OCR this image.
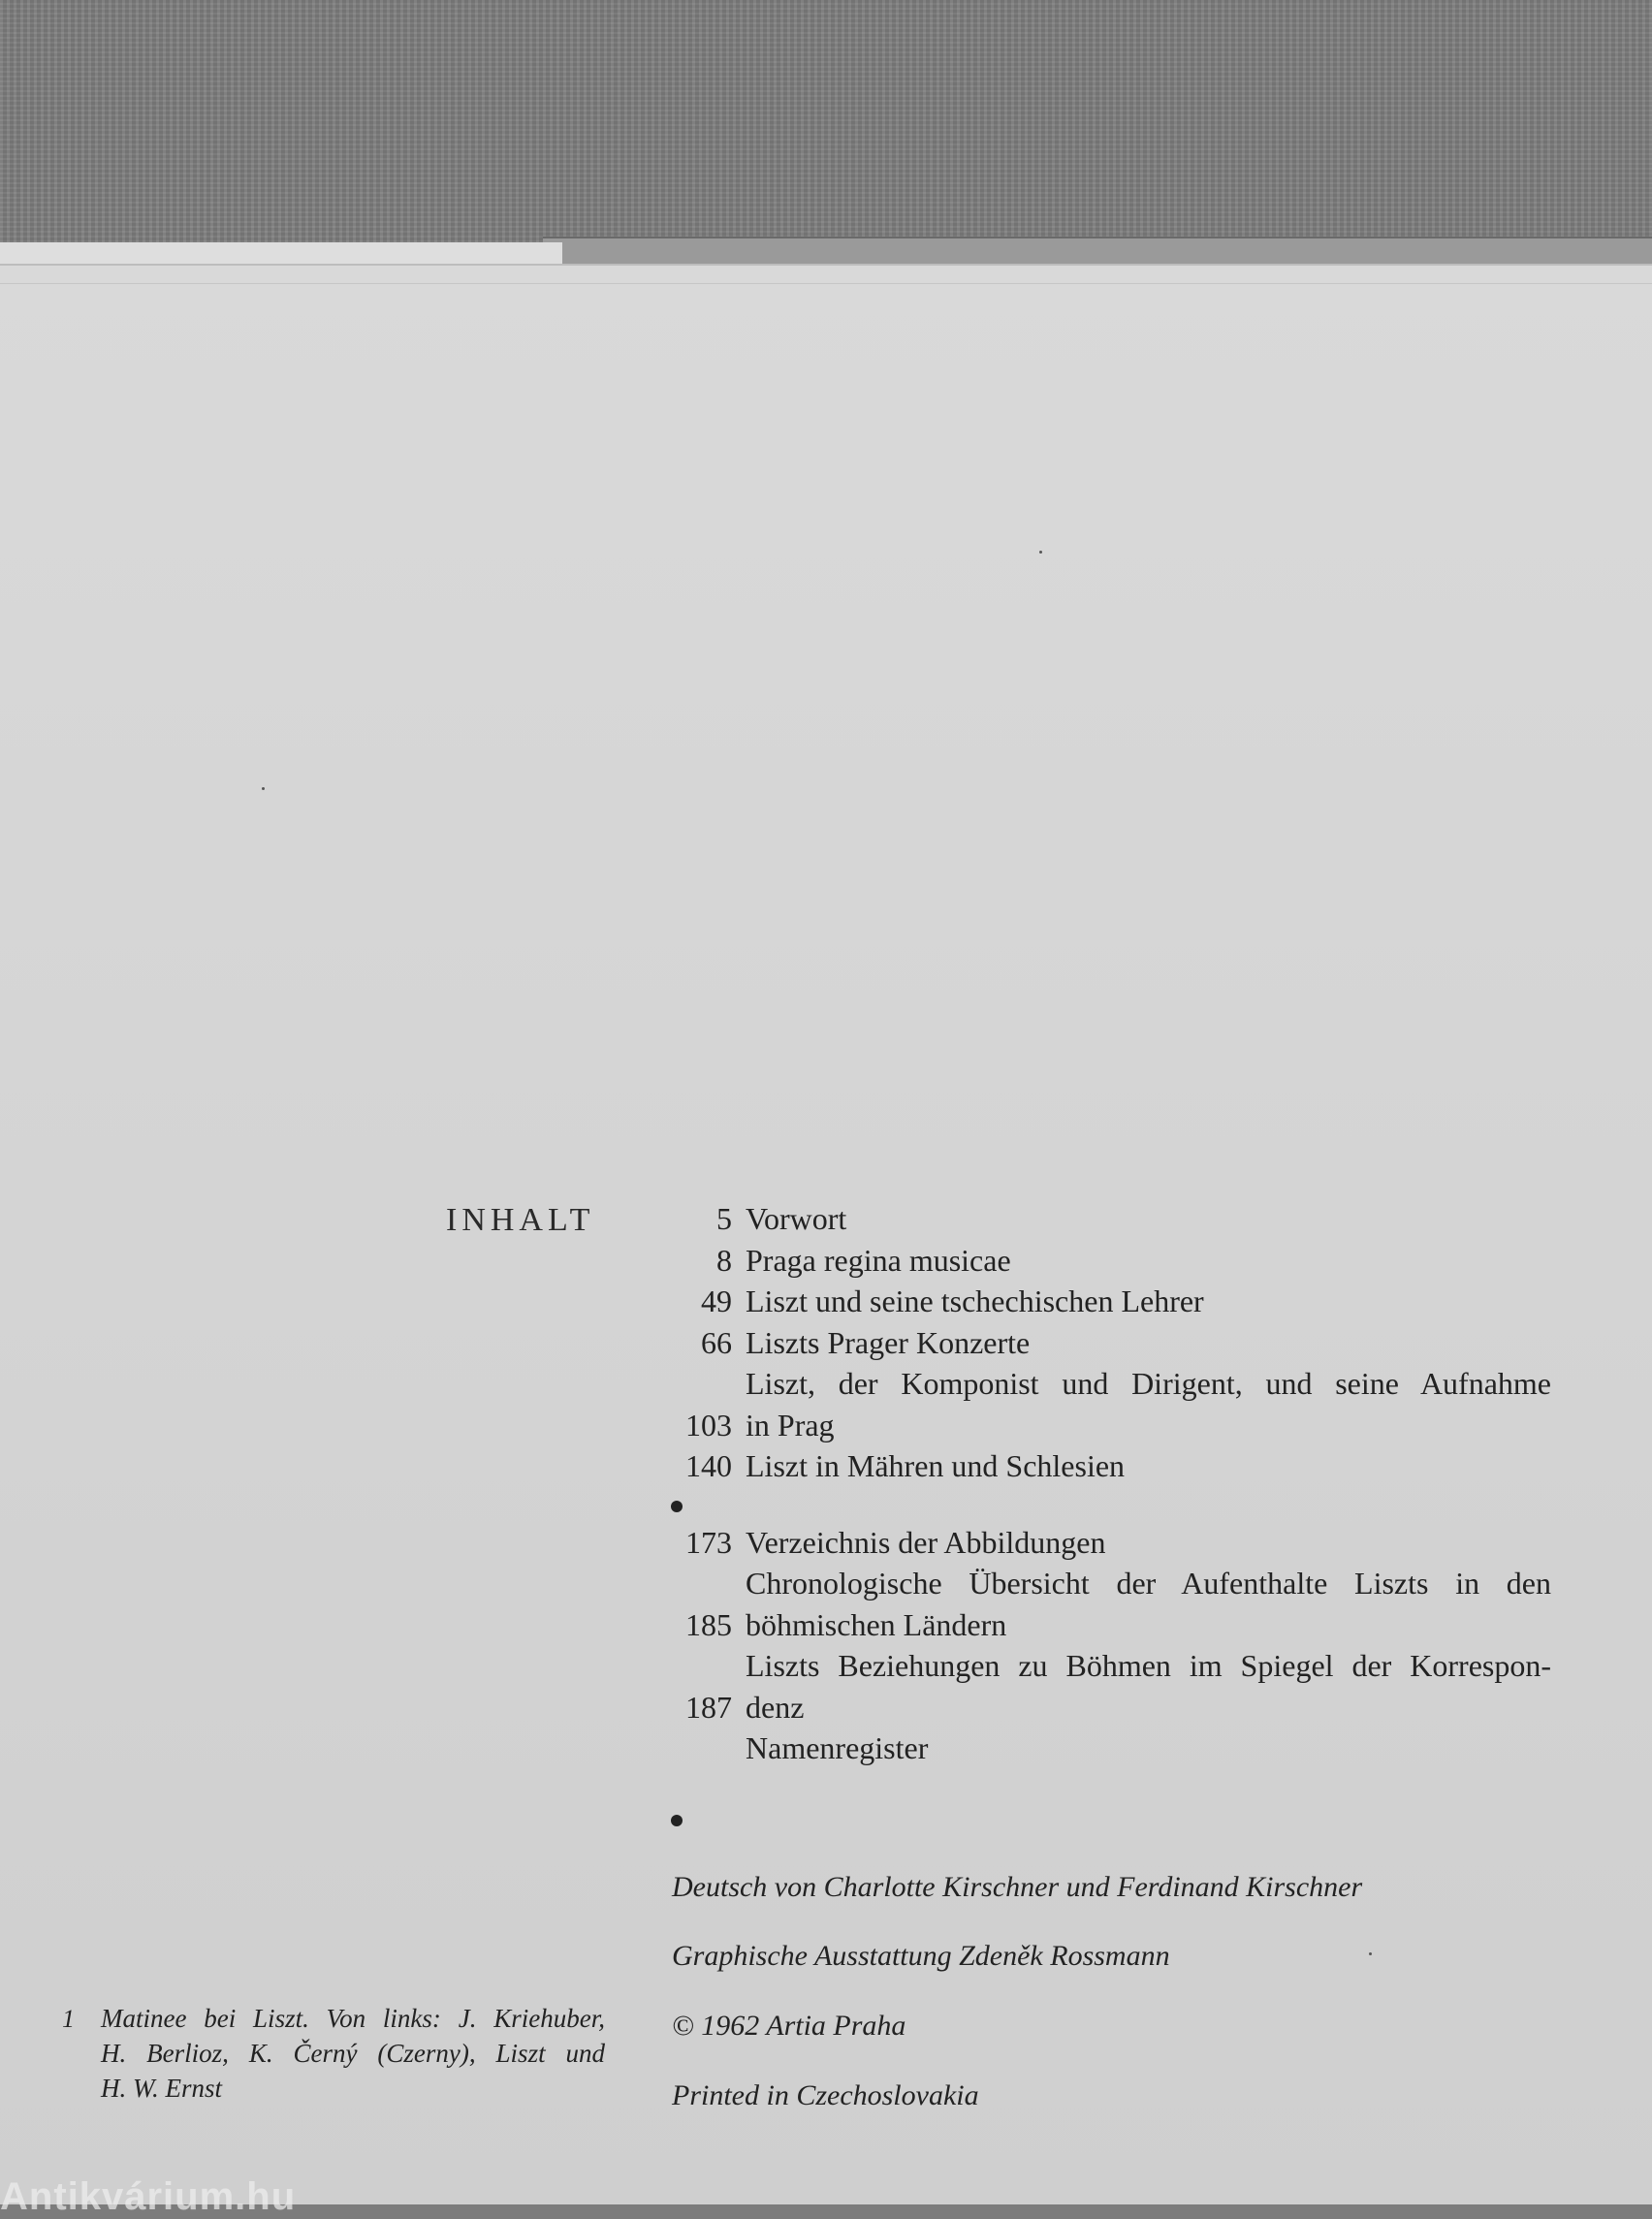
INHALT	5 Vorwort
8 Praga regina musicae
49 Liszt und seine tschechischen Lehrer
66 Liszts Prager Konzerte
Liszt, der Komponist und Dirigent, und seine Aufnahme
103 in Prag
140 Liszt in Mähren und Schlesien
173 Verzeichnis der Abbildungen
Chronologische Übersicht der Aufenthalte Liszts in den
185 böhmischen Ländern
Liszts Beziehungen zu Böhmen im Spiegel der Korrespon-
187 denz
Namenregister
Deutsch von Charlotte Kirschner und Ferdinand Kirschner
Graphische Ausstattung Zdeněk Rossmann
© 1962 Artia Praha
Printed in Czechoslovakia
1 Matinee bei Liszt. Von links: J. Kriehuber,
H. Berlioz, K. Černý (Czerny), Liszt und
H. W. Ernst
Antikvárium.hu
